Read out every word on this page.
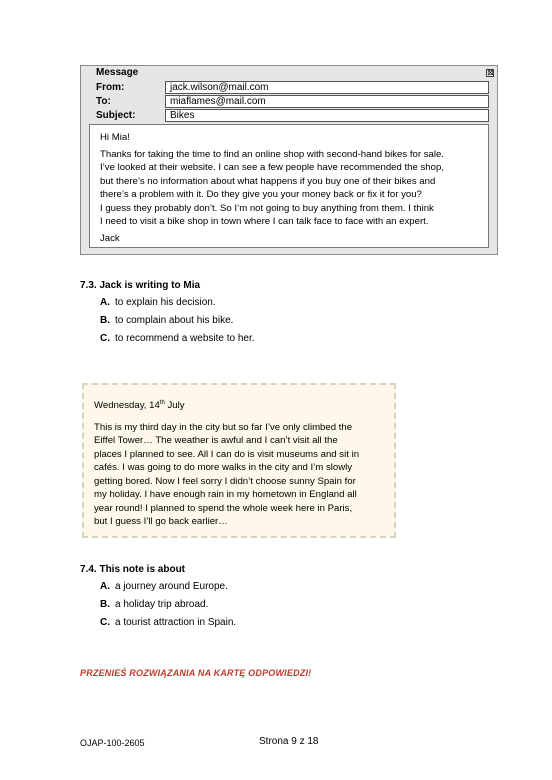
Message	⊠
From:	jack.wilson@mail.com
To:	miaflames@mail.com
Subject:	Bikes

Hi Mia!

Thanks for taking the time to find an online shop with second-hand bikes for sale.

I’ve looked at their website. I can see a few people have recommended the shop,

but there’s no information about what happens if you buy one of their bikes and

there’s a problem with it. Do they give you your money back or fix it for you?

I guess they probably don’t. So I’m not going to buy anything from them. I think

I need to visit a bike shop in town where I can talk face to face with an expert.

Jack

7.3. Jack is writing to Mia
A. to explain his decision.
B. to complain about his bike.
C. to recommend a website to her.
Wednesday, 14th July

This is my third day in the city but so far I’ve only climbed the

Eiffel Tower… The weather is awful and I can’t visit all the

places I planned to see. All I can do is visit museums and sit in

cafés. I was going to do more walks in the city and I’m slowly

getting bored. Now I feel sorry I didn’t choose sunny Spain for

my holiday. I have enough rain in my hometown in England all

year round! I planned to spend the whole week here in Paris,

but I guess I’ll go back earlier…

7.4. This note is about
A. a journey around Europe.
B. a holiday trip abroad.
C. a tourist attraction in Spain.
PRZENIEŚ ROZWIĄZANIA NA KARTĘ ODPOWIEDZI!
OJAP-100-2605	Strona 9 z 18
